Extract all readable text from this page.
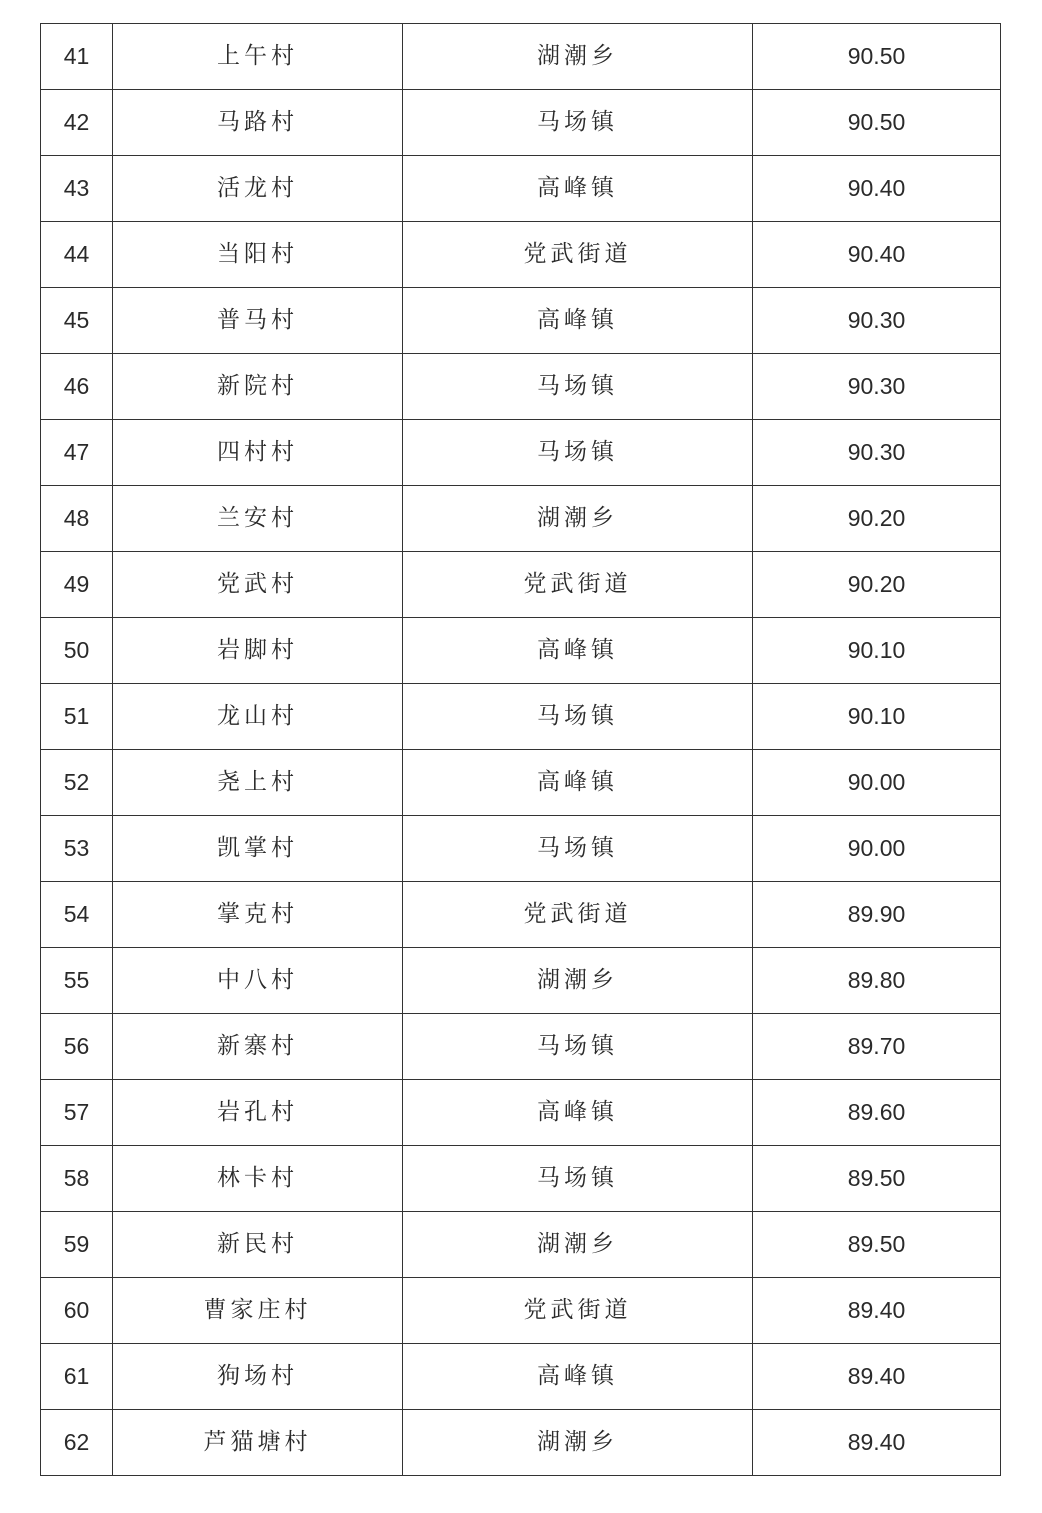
41	上午村	湖潮乡	90.50
42	马路村	马场镇	90.50
43	活龙村	高峰镇	90.40
44	当阳村	党武街道	90.40
45	普马村	高峰镇	90.30
46	新院村	马场镇	90.30
47	四村村	马场镇	90.30
48	兰安村	湖潮乡	90.20
49	党武村	党武街道	90.20
50	岩脚村	高峰镇	90.10
51	龙山村	马场镇	90.10
52	尧上村	高峰镇	90.00
53	凯掌村	马场镇	90.00
54	掌克村	党武街道	89.90
55	中八村	湖潮乡	89.80
56	新寨村	马场镇	89.70
57	岩孔村	高峰镇	89.60
58	林卡村	马场镇	89.50
59	新民村	湖潮乡	89.50
60	曹家庄村	党武街道	89.40
61	狗场村	高峰镇	89.40
62	芦猫塘村	湖潮乡	89.40
